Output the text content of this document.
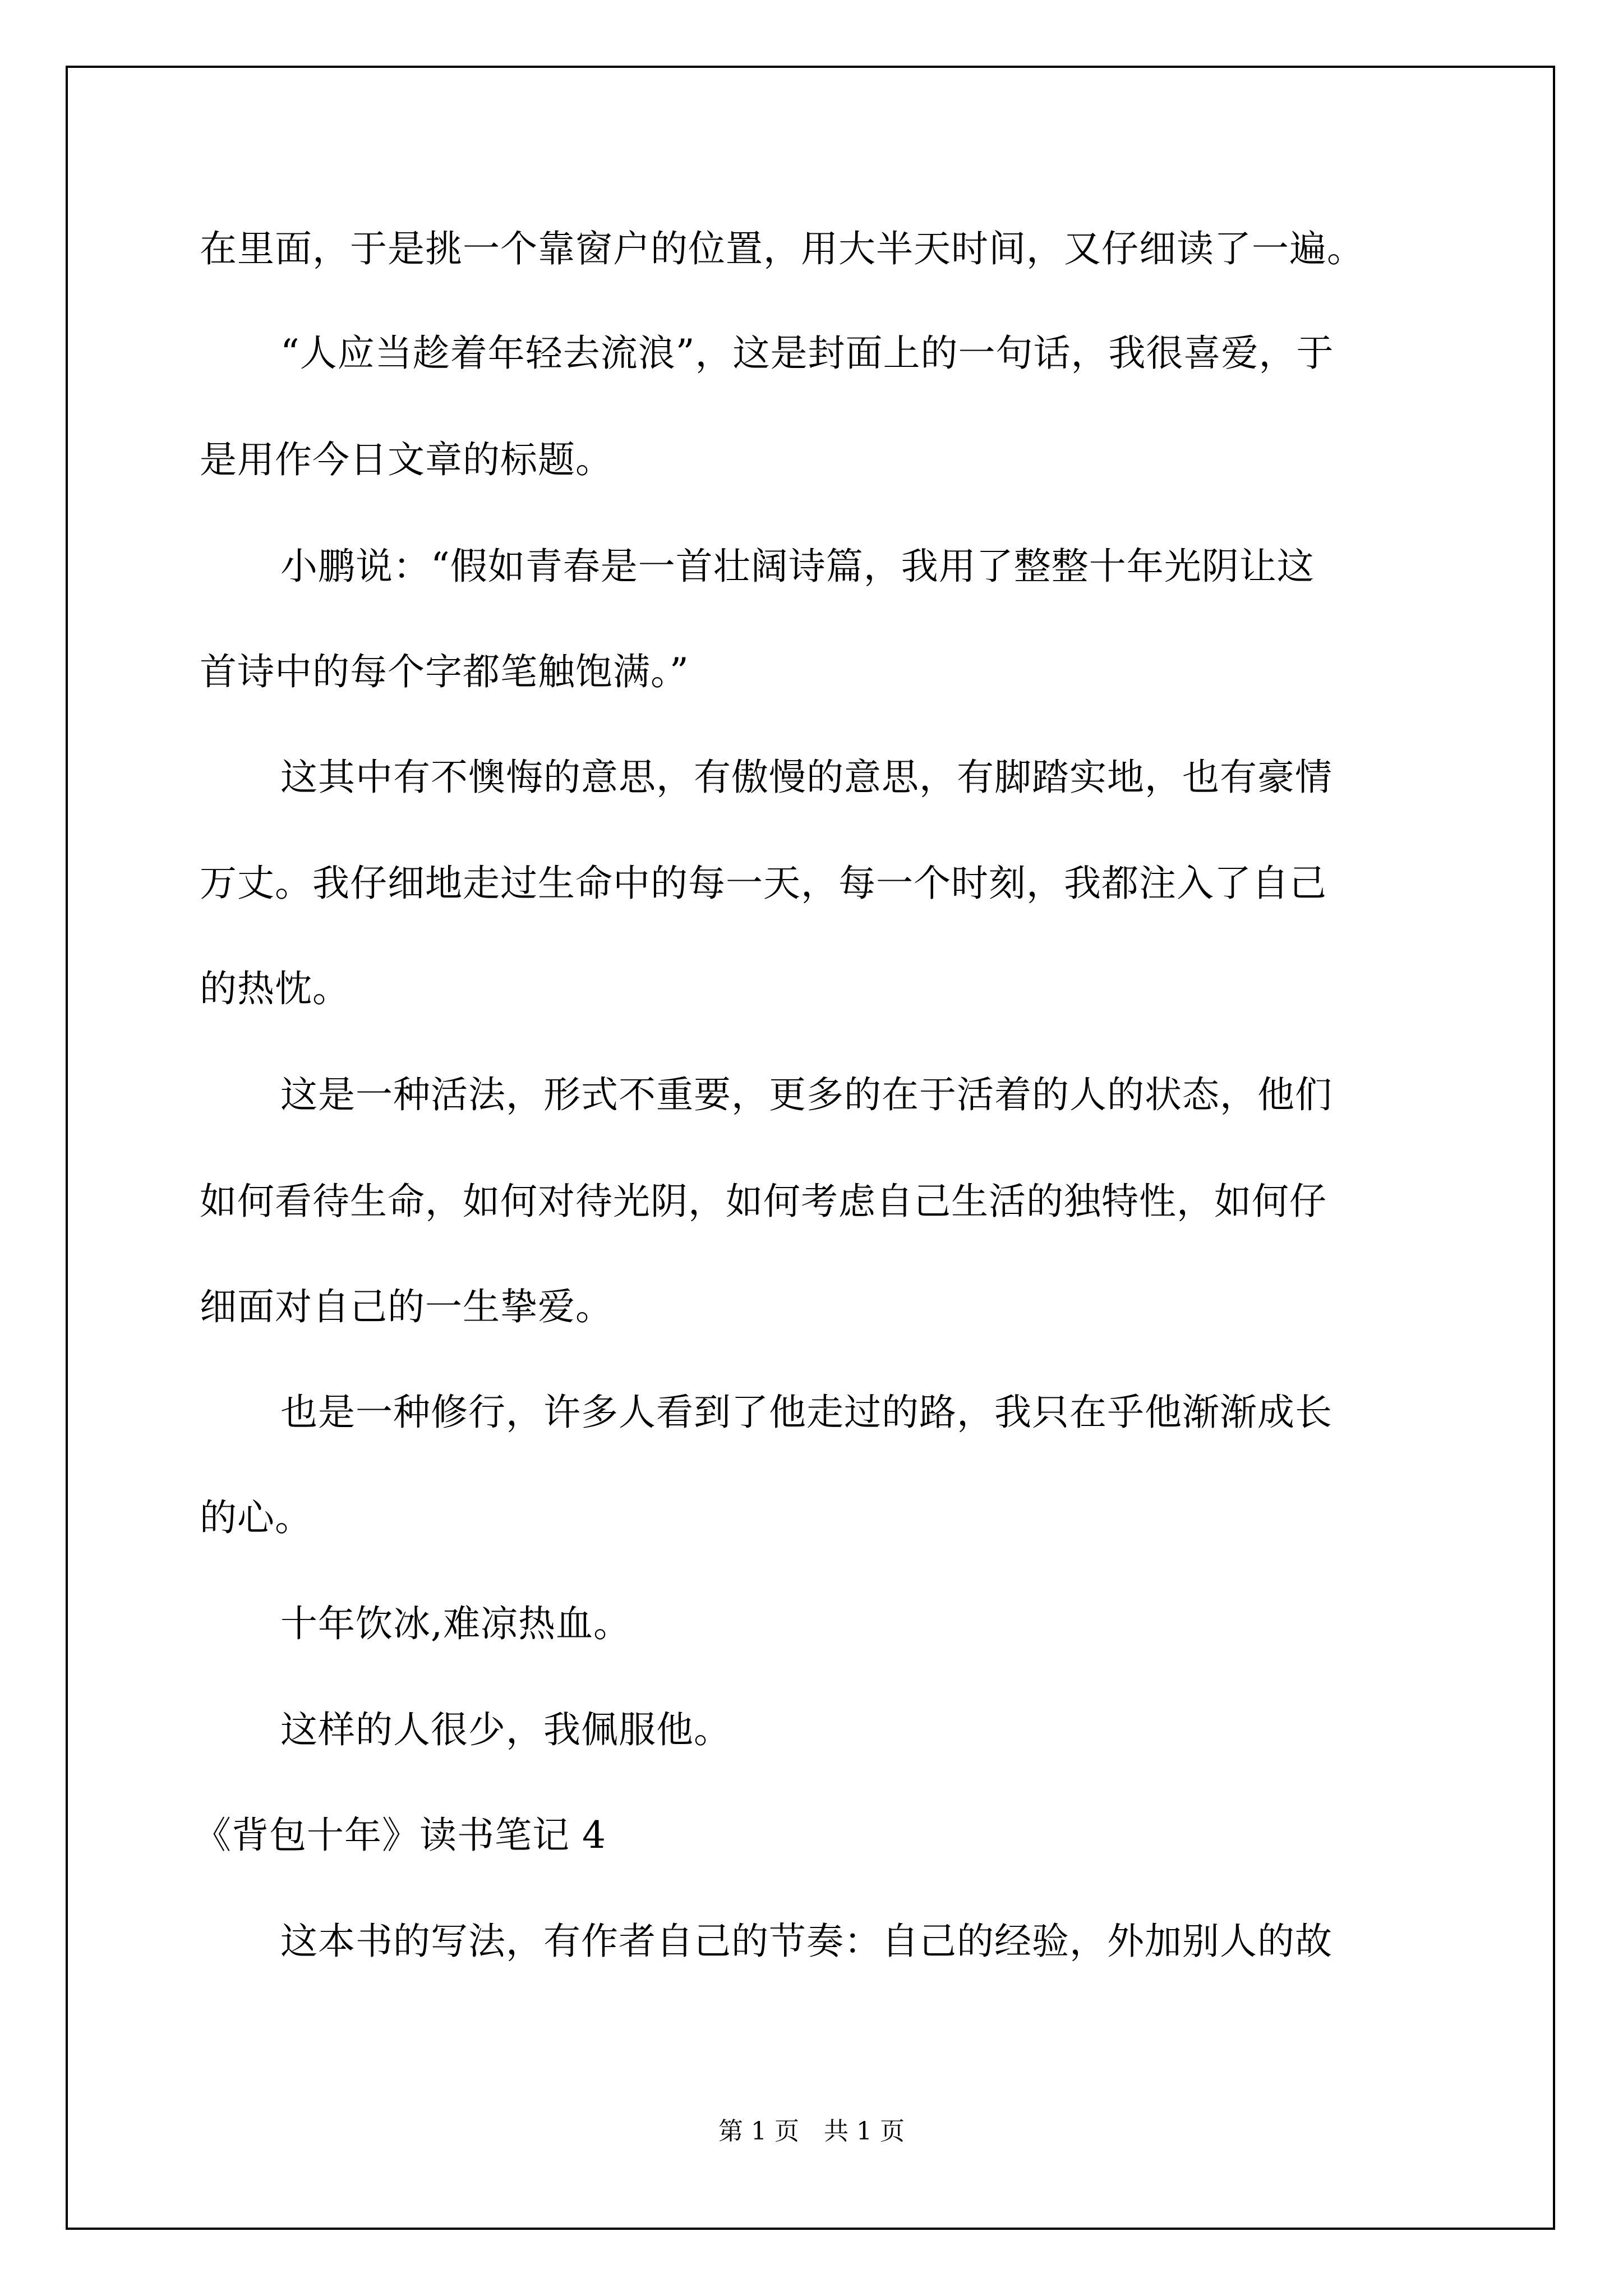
在里面，于是挑一个靠窗户的位置，用大半天时间，又仔细读了一遍。
“人应当趁着年轻去流浪”，这是封面上的一句话，我很喜爱，于
是用作今日文章的标题。
小鹏说：“假如青春是一首壮阔诗篇，我用了整整十年光阴让这
首诗中的每个字都笔触饱满。”
这其中有不懊悔的意思，有傲慢的意思，有脚踏实地，也有豪情
万丈。我仔细地走过生命中的每一天，每一个时刻，我都注入了自己
的热忱。
这是一种活法，形式不重要，更多的在于活着的人的状态，他们
如何看待生命，如何对待光阴，如何考虑自己生活的独特性，如何仔
细面对自己的一生挚爱。
也是一种修行，许多人看到了他走过的路，我只在乎他渐渐成长
的心。
十年饮冰,难凉热血。
这样的人很少，我佩服他。
《背包十年》读书笔记 4
这本书的写法，有作者自己的节奏：自己的经验，外加别人的故
第 1 页 共 1 页
